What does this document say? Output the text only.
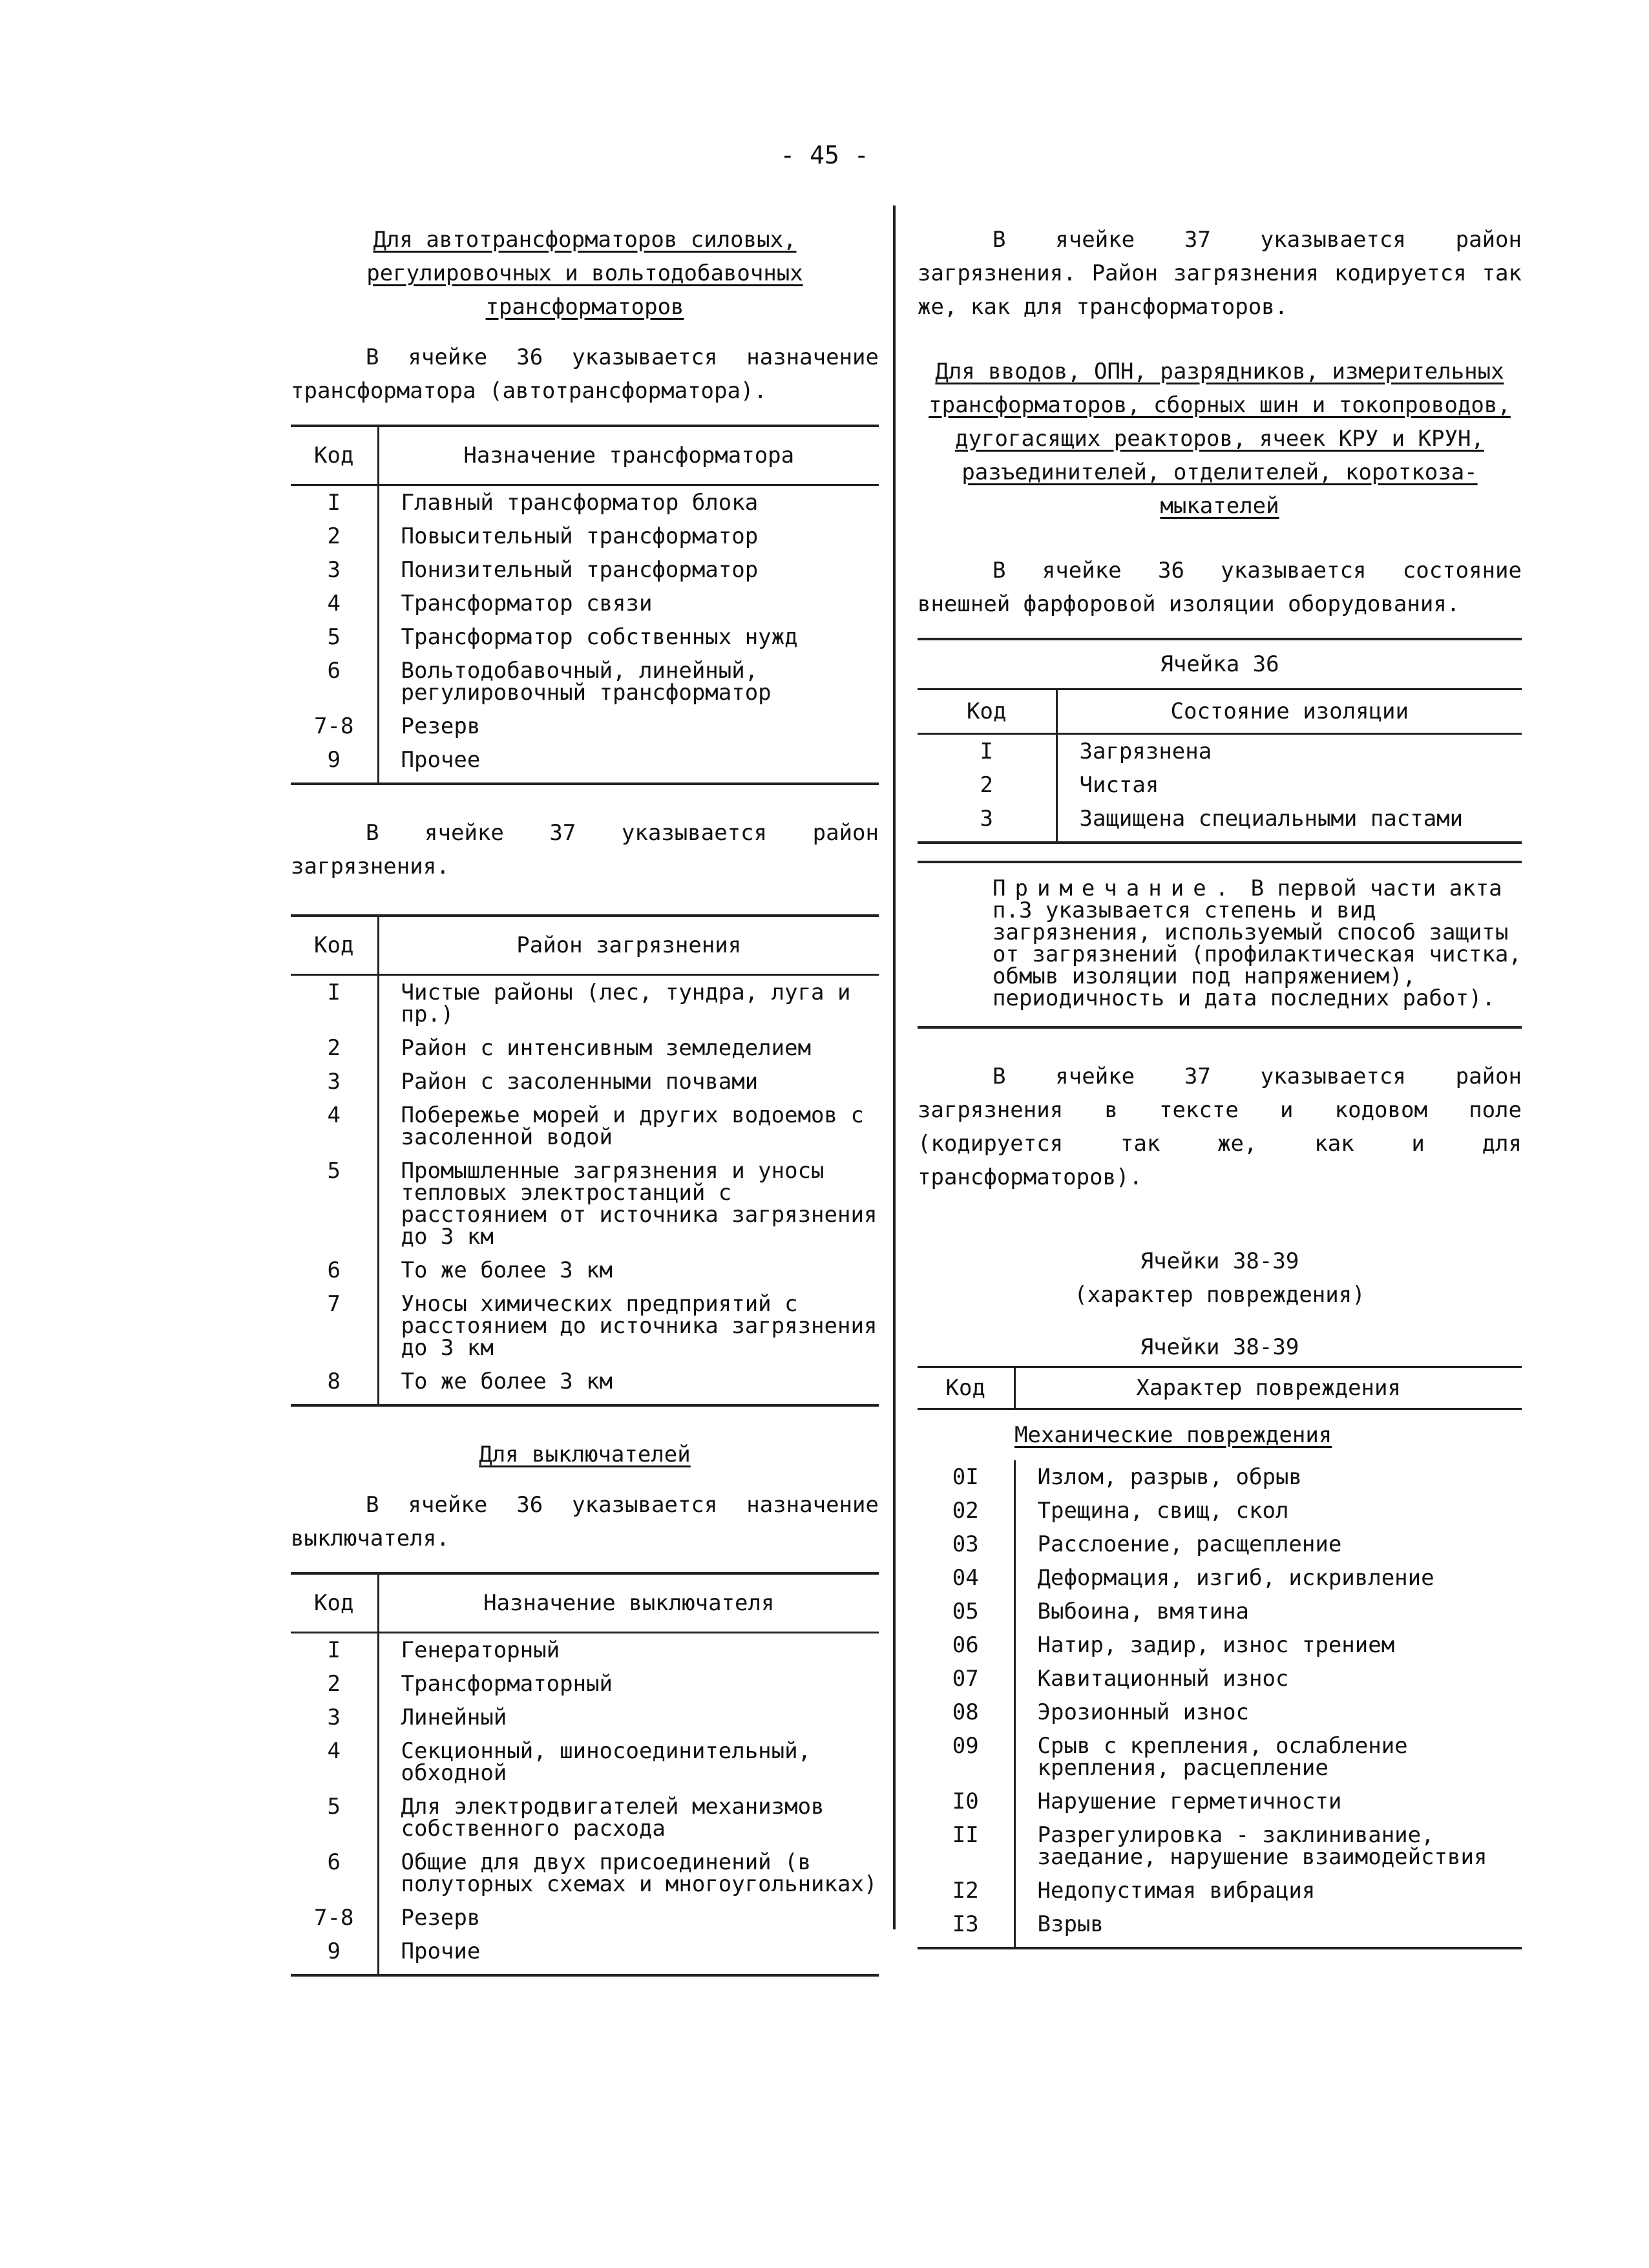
- 45 -
Для автотрансформаторов силовых,
регулировочных и вольтодобавочных
трансформаторов
В ячейке 36 указывается назначение трансформатора (автотрансформатора).
Код	Назначение трансформатора
I	Главный трансформатор блока
2	Повысительный трансформатор
3	Понизительный трансформатор
4	Трансформатор связи
5	Трансформатор собственных нужд
6	Вольтодобавочный, линейный, регулировочный трансформатор
7-8	Резерв
9	Прочее
В ячейке 37 указывается район загрязнения.
Код	Район загрязнения
I	Чистые районы (лес, тундра, луга и пр.)
2	Район с интенсивным земледелием
3	Район с засоленными почвами
4	Побережье морей и других водоемов с засоленной водой
5	Промышленные загрязнения и уносы тепловых электростанций с расстоянием от источника загрязнения до 3 км
6	То же более 3 км
7	Уносы химических предприятий с расстоянием до источника загрязнения до 3 км
8	То же более 3 км
Для выключателей
В ячейке 36 указывается назначение выключателя.
Код	Назначение выключателя
I	Генераторный
2	Трансформаторный
3	Линейный
4	Секционный, шиносоединительный, обходной
5	Для электродвигателей механизмов собственного расхода
6	Общие для двух присоединений (в полуторных схемах и многоугольниках)
7-8	Резерв
9	Прочие
В ячейке 37 указывается район загрязнения. Район загрязнения кодируется так же, как для трансформаторов.
Для вводов, ОПН, разрядников, измерительных
трансформаторов, сборных шин и токопроводов,
дугогасящих реакторов, ячеек КРУ и КРУН,
разъединителей, отделителей, короткоза-
мыкателей
В ячейке 36 указывается состояние внешней фарфоровой изоляции оборудования.
Ячейка 36	
Код	Состояние изоляции
I	Загрязнена
2	Чистая
3	Защищена специальными пастами
Примечание. В первой части акта п.3 указывается степень и вид загрязнения, используемый способ защиты от загрязнений (профилактическая чистка, обмыв изоляции под напряжением), периодичность и дата последних работ).
В ячейке 37 указывается район загрязнения в тексте и кодовом поле (кодируется так же, как и для трансформаторов).
Ячейки 38-39
(характер повреждения)
Ячейки 38-39	
Код	Характер повреждения
Механические повреждения	
0I	Излом, разрыв, обрыв
02	Трещина, свищ, скол
03	Расслоение, расщепление
04	Деформация, изгиб, искривление
05	Выбоина, вмятина
06	Натир, задир, износ трением
07	Кавитационный износ
08	Эрозионный износ
09	Срыв с крепления, ослабление крепления, расцепление
I0	Нарушение герметичности
II	Разрегулировка - заклинивание, заедание, нарушение взаимодействия
I2	Недопустимая вибрация
I3	Взрыв
